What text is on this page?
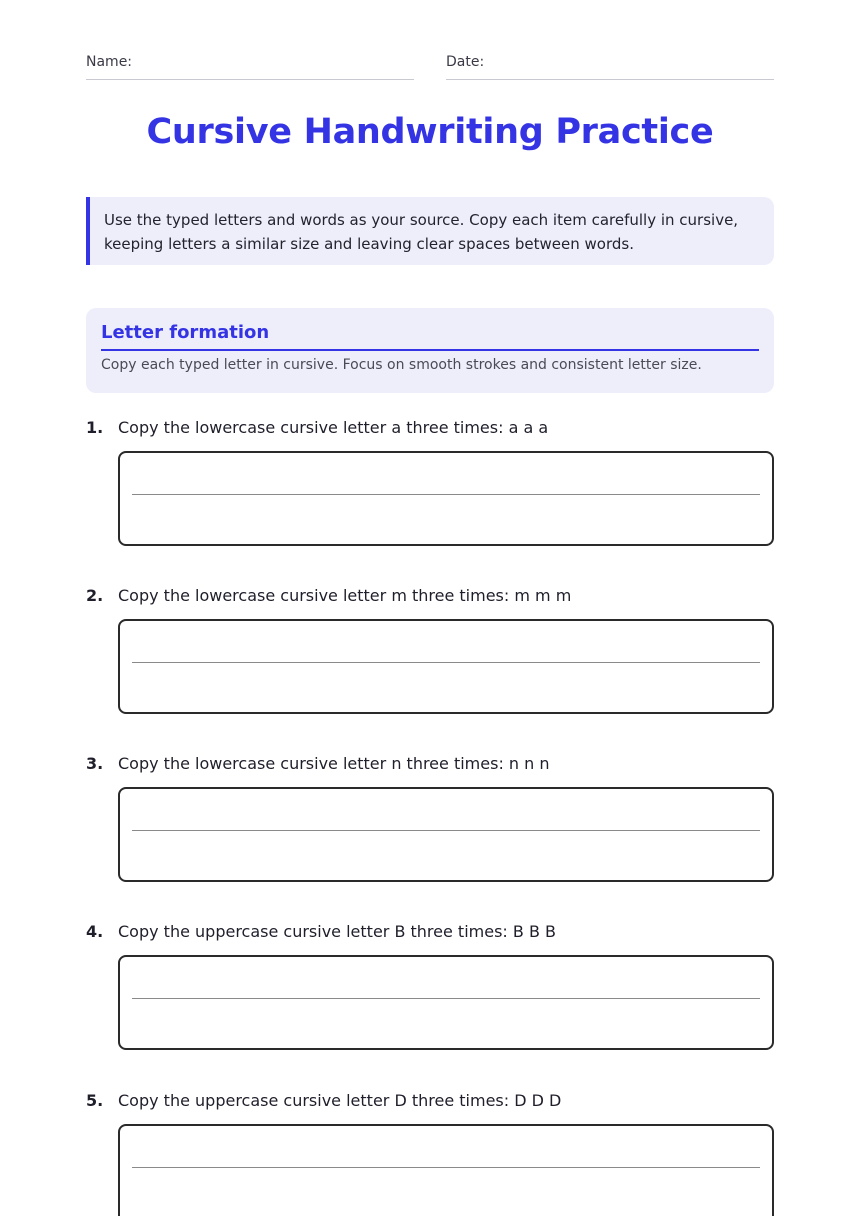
Name:	Date:
Cursive Handwriting Practice
Use the typed letters and words as your source. Copy each item carefully in cursive, keeping letters a similar size and leaving clear spaces between words.
Letter formation
Copy each typed letter in cursive. Focus on smooth strokes and consistent letter size.
1. Copy the lowercase cursive letter a three times: a a a
2. Copy the lowercase cursive letter m three times: m m m
3. Copy the lowercase cursive letter n three times: n n n
4. Copy the uppercase cursive letter B three times: B B B
5. Copy the uppercase cursive letter D three times: D D D
